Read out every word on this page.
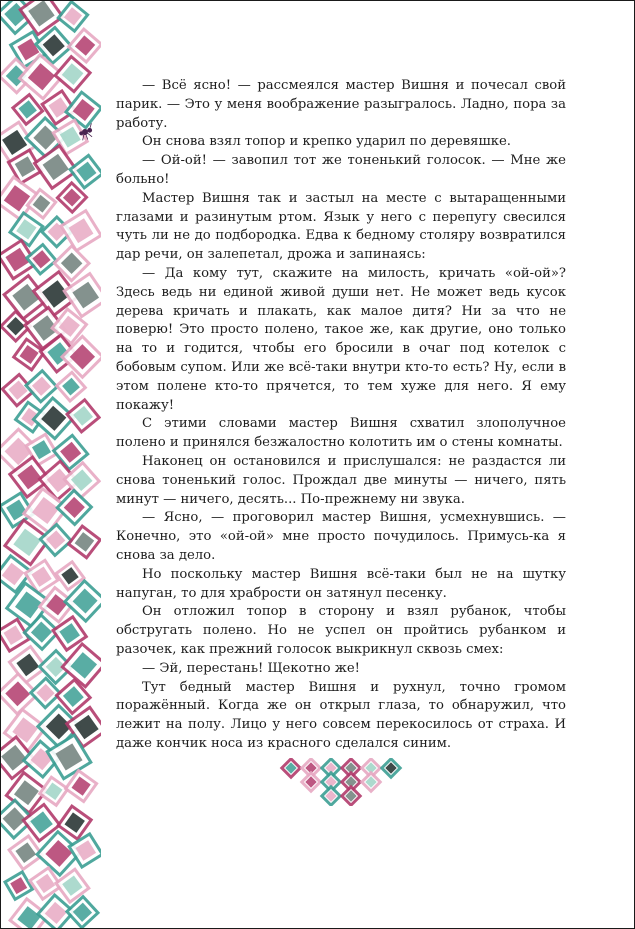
— Всё ясно! — рассмеялся мастер Вишня и почесал свой парик. — Это у меня воображение разыгралось. Ладно, пора за работу.

Он снова взял топор и крепко ударил по деревяшке.

— Ой-ой! — завопил тот же тоненький голосок. — Мне же больно!

Мастер Вишня так и застыл на месте с вытаращенными глазами и разинутым ртом. Язык у него с перепугу свесился чуть ли не до подбородка. Едва к бедному столяру возвратился дар речи, он залепетал, дрожа и запинаясь:

— Да кому тут, скажите на милость, кричать «ой-ой»? Здесь ведь ни единой живой души нет. Не может ведь кусок дерева кричать и плакать, как малое дитя? Ни за что не поверю! Это просто полено, такое же, как другие, оно только на то и годится, чтобы его бросили в очаг под котелок с бобовым супом. Или же всё-таки внутри кто-то есть? Ну, если в этом полене кто-то прячется, то тем хуже для него. Я ему покажу!

С этими словами мастер Вишня схватил злополучное полено и принялся безжалостно колотить им о стены комнаты.

Наконец он остановился и прислушался: не раздастся ли снова тоненький голос. Прождал две минуты — ничего, пять минут — ничего, десять... По-прежнему ни звука.

— Ясно, — проговорил мастер Вишня, усмехнувшись. — Конечно, это «ой-ой» мне просто почудилось. Примусь-ка я снова за дело.

Но поскольку мастер Вишня всё-таки был не на шутку напуган, то для храбрости он затянул песенку.

Он отложил топор в сторону и взял рубанок, чтобы обстругать полено. Но не успел он пройтись рубанком и разочек, как прежний голосок выкрикнул сквозь смех:

— Эй, перестань! Щекотно же!

Тут бедный мастер Вишня и рухнул, точно громом поражённый. Когда же он открыл глаза, то обнаружил, что лежит на полу. Лицо у него совсем перекосилось от страха. И даже кончик носа из красного сделался синим.
